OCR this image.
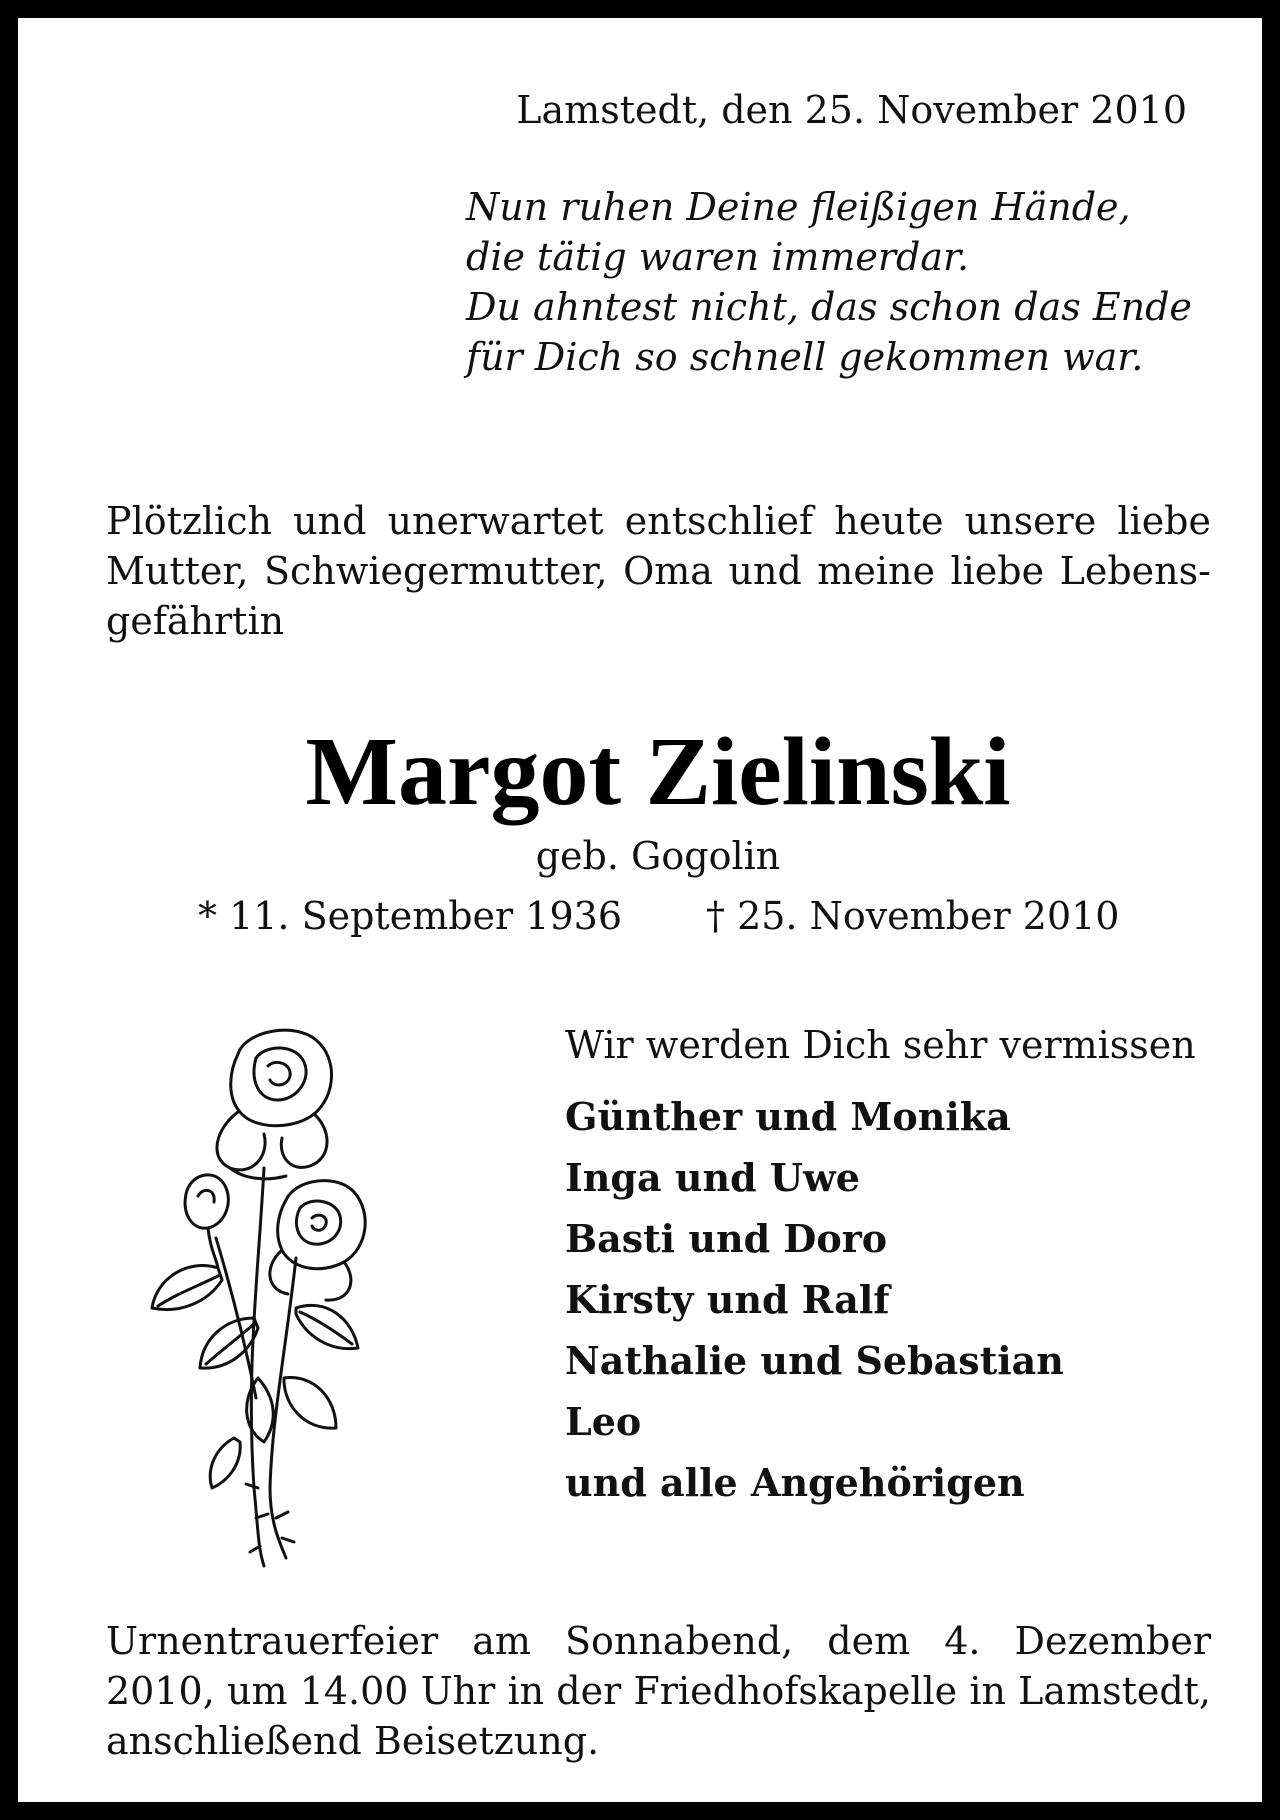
Lamstedt, den 25. November 2010
Nun ruhen Deine fleißigen Hände,
die tätig waren immerdar.
Du ahntest nicht, das schon das Ende
für Dich so schnell gekommen war.
Plötzlich und unerwartet entschlief heute unsere liebe
Mutter, Schwiegermutter, Oma und meine liebe Lebens-
gefährtin
Margot Zielinski
geb. Gogolin
* 11. September 1936 † 25. November 2010
Wir werden Dich sehr vermissen
Günther und Monika
Inga und Uwe
Basti und Doro
Kirsty und Ralf
Nathalie und Sebastian
Leo
und alle Angehörigen
Urnentrauerfeier am Sonnabend, dem 4. Dezember
2010, um 14.00 Uhr in der Friedhofskapelle in Lamstedt,
anschließend Beisetzung.
